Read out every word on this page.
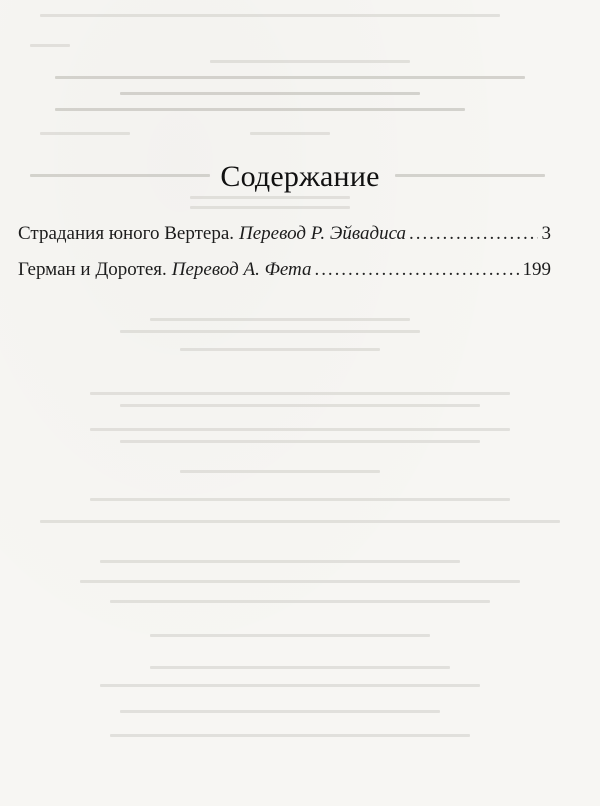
Содержание
Страдания юного Вертера. Перевод Р. Эйвадиса . . .	3
Герман и Доротея. Перевод А. Фета . . .	199
